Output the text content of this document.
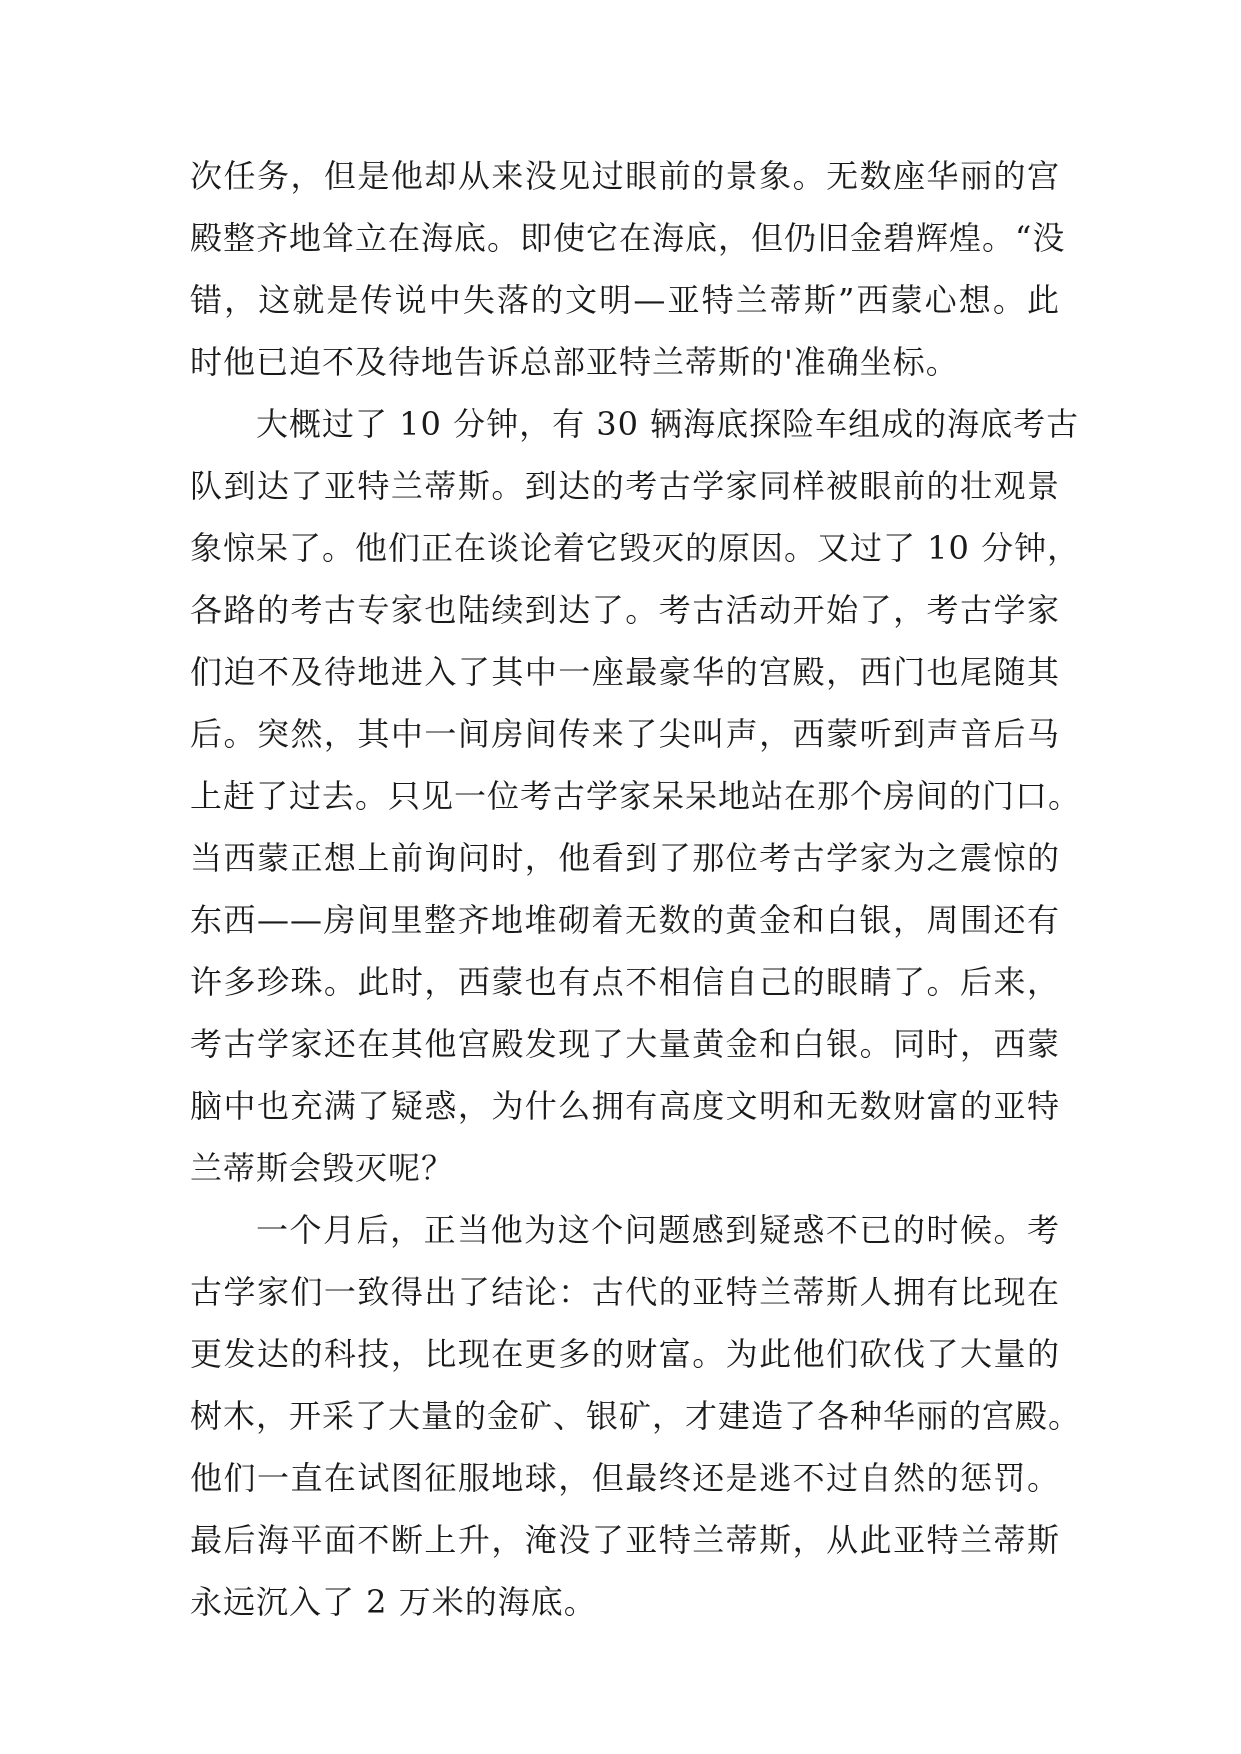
次任务，但是他却从来没见过眼前的景象。无数座华丽的宫
殿整齐地耸立在海底。即使它在海底，但仍旧金碧辉煌。“没
错，这就是传说中失落的文明—亚特兰蒂斯”西蒙心想。此
时他已迫不及待地告诉总部亚特兰蒂斯的'准确坐标。
大概过了 10 分钟，有 30 辆海底探险车组成的海底考古
队到达了亚特兰蒂斯。到达的考古学家同样被眼前的壮观景
象惊呆了。他们正在谈论着它毁灭的原因。又过了 10 分钟，
各路的考古专家也陆续到达了。考古活动开始了，考古学家
们迫不及待地进入了其中一座最豪华的宫殿，西门也尾随其
后。突然，其中一间房间传来了尖叫声，西蒙听到声音后马
上赶了过去。只见一位考古学家呆呆地站在那个房间的门口。
当西蒙正想上前询问时，他看到了那位考古学家为之震惊的
东西——房间里整齐地堆砌着无数的黄金和白银，周围还有
许多珍珠。此时，西蒙也有点不相信自己的眼睛了。后来，
考古学家还在其他宫殿发现了大量黄金和白银。同时，西蒙
脑中也充满了疑惑，为什么拥有高度文明和无数财富的亚特
兰蒂斯会毁灭呢？
一个月后，正当他为这个问题感到疑惑不已的时候。考
古学家们一致得出了结论：古代的亚特兰蒂斯人拥有比现在
更发达的科技，比现在更多的财富。为此他们砍伐了大量的
树木，开采了大量的金矿、银矿，才建造了各种华丽的宫殿。
他们一直在试图征服地球，但最终还是逃不过自然的惩罚。
最后海平面不断上升，淹没了亚特兰蒂斯，从此亚特兰蒂斯
永远沉入了 2 万米的海底。
